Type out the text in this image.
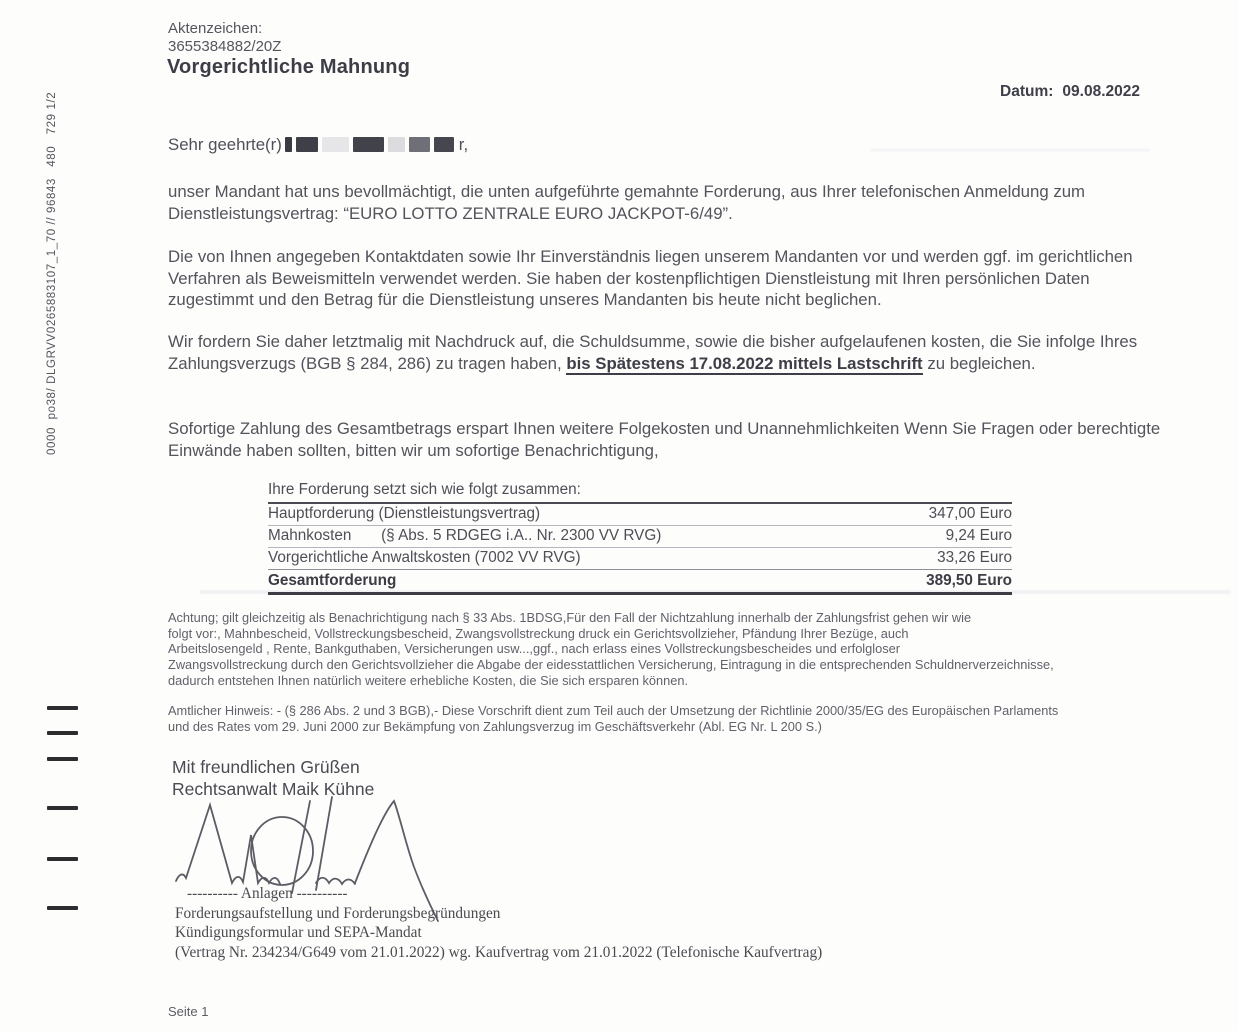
0000  po38/ DLGRVV0265883107_1_70 // 96843   480   729 1/2
Aktenzeichen:
3655384882/20Z
Vorgerichtliche Mahnung
Datum: 09.08.2022
Sehr geehrte(r)	r,
unser Mandant hat uns bevollmächtigt, die unten aufgeführte gemahnte Forderung, aus Ihrer telefonischen Anmeldung zum Dienstleistungsvertrag: “EURO LOTTO ZENTRALE EURO JACKPOT-6/49”.
Die von Ihnen angegeben Kontaktdaten sowie Ihr Einverständnis liegen unserem Mandanten vor und werden ggf. im gerichtlichen Verfahren als Beweismitteln verwendet werden. Sie haben der kostenpflichtigen Dienstleistung mit Ihren persönlichen Daten zugestimmt und den Betrag für die Dienstleistung unseres Mandanten bis heute nicht beglichen.
Wir fordern Sie daher letztmalig mit Nachdruck auf, die Schuldsumme, sowie die bisher aufgelaufenen kosten, die Sie infolge Ihres Zahlungsverzugs (BGB § 284, 286) zu tragen haben, bis Spätestens 17.08.2022 mittels Lastschrift zu begleichen.
Sofortige Zahlung des Gesamtbetrags erspart Ihnen weitere Folgekosten und Unannehmlichkeiten Wenn Sie Fragen oder berechtigte Einwände haben sollten, bitten wir um sofortige Benachrichtigung,
Ihre Forderung setzt sich wie folgt zusammen:
Hauptforderung (Dienstleistungsvertrag)	347,00 Euro
Mahnkosten       (§ Abs. 5 RDGEG i.A.. Nr. 2300 VV RVG)	9,24 Euro
Vorgerichtliche Anwaltskosten (7002 VV RVG)	33,26 Euro
Gesamtforderung	389,50 Euro
Achtung; gilt gleichzeitig als Benachrichtigung nach § 33 Abs. 1BDSG,Für den Fall der Nichtzahlung innerhalb der Zahlungsfrist gehen wir wie
folgt vor:, Mahnbescheid, Vollstreckungsbescheid, Zwangsvollstreckung druck ein Gerichtsvollzieher, Pfändung Ihrer Bezüge, auch
Arbeitslosengeld , Rente, Bankguthaben, Versicherungen usw...,ggf., nach erlass eines Vollstreckungsbescheides und erfolgloser
Zwangsvollstreckung durch den Gerichtsvollzieher die Abgabe der eidesstattlichen Versicherung, Eintragung in die entsprechenden Schuldnerverzeichnisse,
dadurch entstehen Ihnen natürlich weitere erhebliche Kosten, die Sie sich ersparen können.
Amtlicher Hinweis: - (§ 286 Abs. 2 und 3 BGB),- Diese Vorschrift dient zum Teil auch der Umsetzung der Richtlinie 2000/35/EG des Europäischen Parlaments
und des Rates vom 29. Juni 2000 zur Bekämpfung von Zahlungsverzug im Geschäftsverkehr (Abl. EG Nr. L 200 S.)
Mit freundlichen Grüßen
Rechtsanwalt Maik Kühne
---------- Anlagen ----------
Forderungsaufstellung und Forderungsbegründungen
Kündigungsformular und SEPA-Mandat
(Vertrag Nr. 234234/G649 vom 21.01.2022) wg. Kaufvertrag vom 21.01.2022 (Telefonische Kaufvertrag)
Seite 1
